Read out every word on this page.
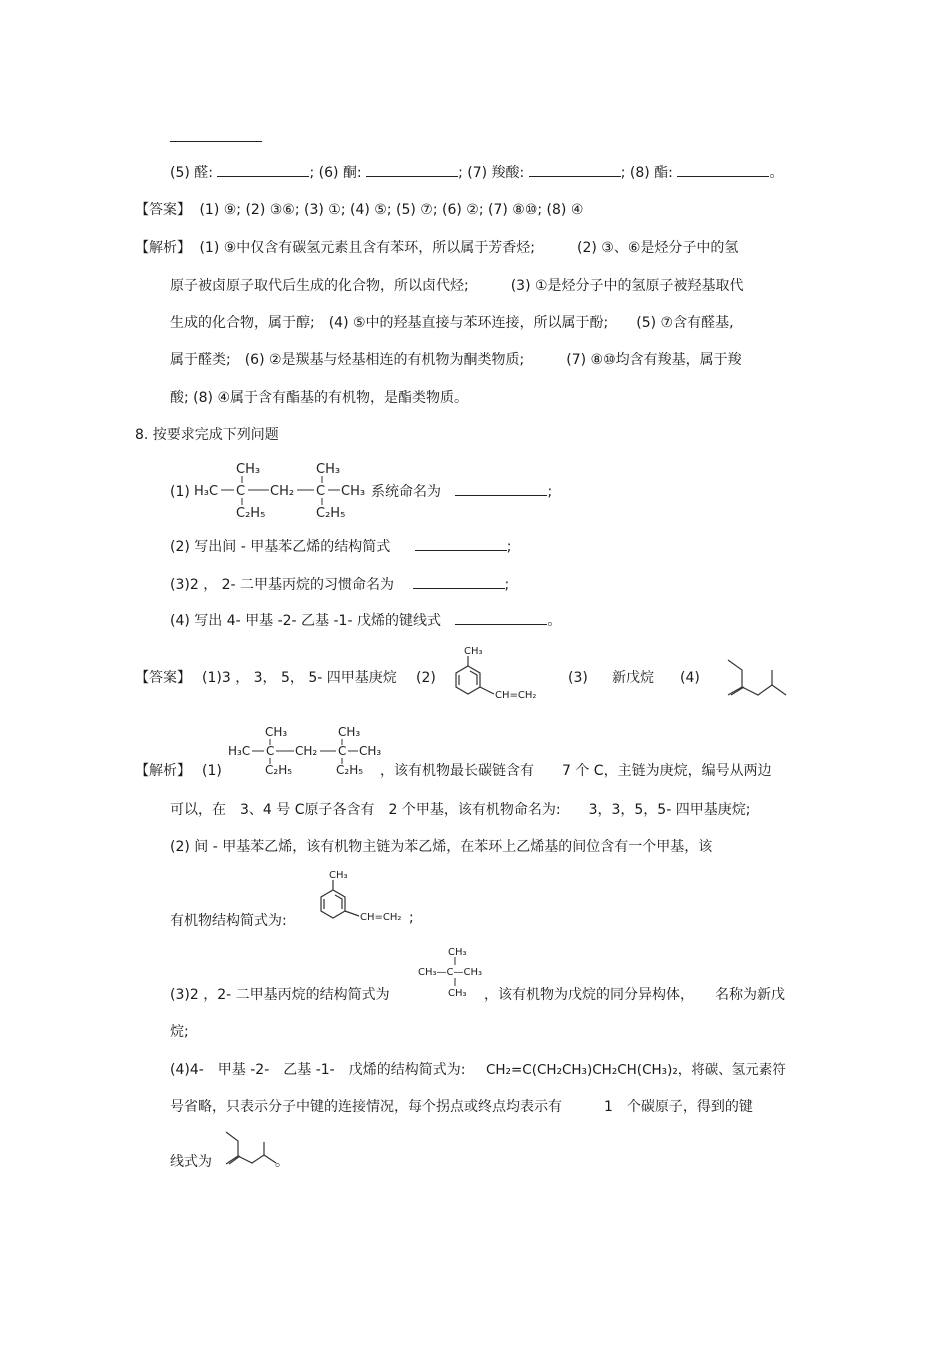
(5) 醛:	; (6) 酮:	; (7) 羧酸:	; (8) 酯:	。
【答案】 (1) ⑨; (2) ③⑥; (3) ①; (4) ⑤; (5) ⑦; (6) ②; (7) ⑧⑩; (8) ④
【解析】 (1) ⑨中仅含有碳氢元素且含有苯环，所以属于芳香烃;　　　(2) ③、⑥是烃分子中的氢
原子被卤原子取代后生成的化合物，所以卤代烃;　　　(3) ①是烃分子中的氢原子被羟基取代
生成的化合物，属于醇;　(4) ⑤中的羟基直接与苯环连接，所以属于酚;　　(5) ⑦含有醛基,
属于醛类;　(6) ②是羰基与烃基相连的有机物为酮类物质;　　　(7) ⑧⑩均含有羧基，属于羧
酸; (8) ④属于含有酯基的有机物，是酯类物质。
8. 按要求完成下列问题
(1)
CH₃	CH₃
H₃C C CH₂ C CH₃
C₂H₅	C₂H₅
系统命名为	;
(2) 写出间 - 甲基苯乙烯的结构简式	;
(3)2 ， 2- 二甲基丙烷的习惯命名为	;
(4) 写出 4- 甲基 -2- 乙基 -1- 戊烯的键线式	。
【答案】 (1)3 ， 3， 5， 5- 四甲基庚烷 (2)
CH₃
CH=CH₂
(3) 新戊烷 (4)
CH₃	CH₃
H₃C C CH₂ C CH₃
C₂H₅	C₂H₅
【解析】 (1)	，该有机物最长碳链含有　　7 个 C，主链为庚烷，编号从两边
可以，在　3、4 号 C原子各含有　2 个甲基，该有机物命名为:　　3，3，5，5- 四甲基庚烷;
(2) 间 - 甲基苯乙烯，该有机物主链为苯乙烯，在苯环上乙烯基的间位含有一个甲基，该
CH₃
CH=CH₂
有机物结构简式为:	;
CH₃
CH₃—C—CH₃
CH₃
(3)2 ，2- 二甲基丙烷的结构简式为	，该有机物为戊烷的同分异构体，　　名称为新戊
烷;
(4)4-　甲基 -2-　乙基 -1-　戊烯的结构简式为: CH₂=C(CH₂CH₃)CH₂CH(CH₃)₂，将碳、氢元素符
号省略，只表示分子中键的连接情况，每个拐点或终点均表示有　　　1　个碳原子，得到的键
线式为	。
